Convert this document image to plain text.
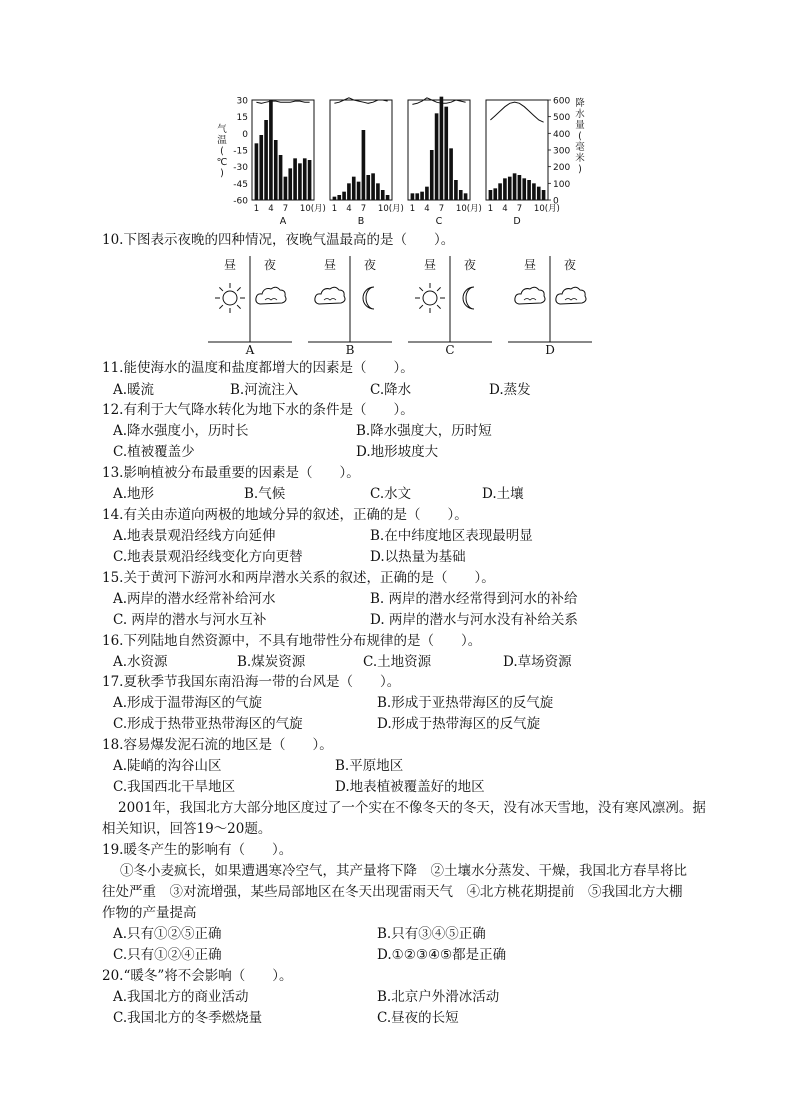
30
15
0
-15
-30
-45
-60
气
温
(
℃
)
600
500
400
300
200
100
0
降
水
量
(
毫
米
)
1 4 7 10(月)
A
1 4 7 10(月)
B
1 4 7 10(月)
C
1 4 7 10(月)
D
10.下图表示夜晚的四种情况，夜晚气温最高的是（　　）。
昼 夜
A
昼 夜
B
昼 夜
C
昼 夜
D
11.能使海水的温度和盐度都增大的因素是（　　）。
A.暖流	B.河流注入	C.降水	D.蒸发
12.有利于大气降水转化为地下水的条件是（　　）。
A.降水强度小，历时长	B.降水强度大，历时短
C.植被覆盖少	D.地形坡度大
13.影响植被分布最重要的因素是（　　）。
A.地形	B.气候	C.水文	D.土壤
14.有关由赤道向两极的地域分异的叙述，正确的是（　　）。
A.地表景观沿经线方向延伸	B.在中纬度地区表现最明显
C.地表景观沿经线变化方向更替	D.以热量为基础
15.关于黄河下游河水和两岸潜水关系的叙述，正确的是（　　）。
A.两岸的潜水经常补给河水	B. 两岸的潜水经常得到河水的补给
C. 两岸的潜水与河水互补	D. 两岸的潜水与河水没有补给关系
16.下列陆地自然资源中，不具有地带性分布规律的是（　　）。
A.水资源	B.煤炭资源	C.土地资源	D.草场资源
17.夏秋季节我国东南沿海一带的台风是（　　）。
A.形成于温带海区的气旋	B.形成于亚热带海区的反气旋
C.形成于热带亚热带海区的气旋	D.形成于热带海区的反气旋
18.容易爆发泥石流的地区是（　　）。
A.陡峭的沟谷山区	B.平原地区
C.我国西北干旱地区	D.地表植被覆盖好的地区
2001年，我国北方大部分地区度过了一个实在不像冬天的冬天，没有冰天雪地，没有寒风凛冽。据
相关知识，回答19～20题。
19.暖冬产生的影响有（　　）。
①冬小麦疯长，如果遭遇寒冷空气，其产量将下降　②土壤水分蒸发、干燥，我国北方春旱将比
往处严重　③对流增强，某些局部地区在冬天出现雷雨天气　④北方桃花期提前　⑤我国北方大棚
作物的产量提高
A.只有①②⑤正确	B.只有③④⑤正确
C.只有①②④正确	D.①②③④⑤都是正确
20.“暖冬”将不会影响（　　）。
A.我国北方的商业活动	B.北京户外滑冰活动
C.我国北方的冬季燃烧量	C.昼夜的长短
